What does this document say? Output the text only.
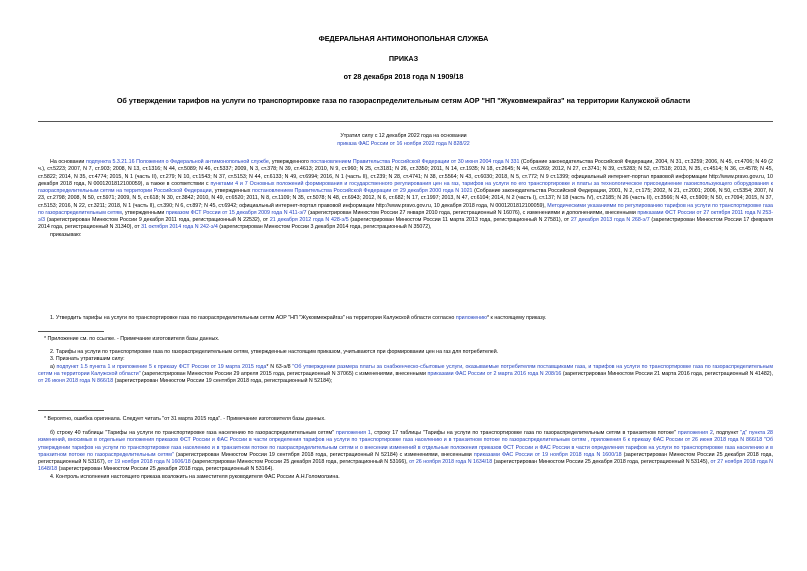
ФЕДЕРАЛЬНАЯ АНТИМОНОПОЛЬНАЯ СЛУЖБА
ПРИКАЗ
от 28 декабря 2018 года N 1909/18
Об утверждении тарифов на услуги по транспортировке газа по газораспределительным сетям АОР "НП "Жуковмежрайгаз" на территории Калужской области
Утратил силу с 12 декабря 2022 года на основании
приказа ФАС России от 16 ноября 2022 года N 828/22

На основании подпункта 5.3.21.16 Положения о Федеральной антимонопольной службе, утвержденного постановлением Правительства Российской Федерации от 30 июня 2004 года N 331 (Собрание законодательства Российской Федерации, 2004, N 31, ст.3259; 2006, N 45, ст.4706; N 49 (2 ч.), ст.5223; 2007, N 7, ст.903; 2008, N 13, ст.1316; N 44, ст.5089; N 46, ст.5337; 2009, N 3, ст.378; N 39, ст.4613; 2010, N 9, ст.960; N 25, ст.3181; N 26, ст.3350; 2011, N 14, ст.1935; N 18, ст.2645; N 44, ст.6269; 2012, N 27, ст.3741; N 39, ст.5283; N 52, ст.7518; 2013, N 35, ст.4514; N 36, ст.4578; N 45, ст.5822; 2014, N 35, ст.4774; 2015, N 1 (часть II), ст.279; N 10, ст.1543; N 37, ст.5153; N 44, ст.6133; N 49, ст.6994; 2016, N 1 (часть II), ст.239; N 28, ст.4741; N 38, ст.5564; N 43, ст.6030; 2018, N 5, ст.772; N 9 ст.1399; официальный интернет-портал правовой информации http://www.pravo.gov.ru, 10 декабря 2018 года, N 0001201812100059), а также в соответствии с пунктами 4 и 7 Основных положений формирования и государственного регулирования цен на газ, тарифов на услуги по его транспортировке и платы за технологическое присоединение газоиспользующего оборудования к газораспределительным сетям на территории Российской Федерации, утвержденных постановлением Правительства Российской Федерации от 29 декабря 2000 года N 1021 (Собрание законодательства Российской Федерации, 2001, N 2, ст.175; 2002, N 21, ст.2001; 2006, N 50, ст.5354; 2007, N 23, ст.2798; 2008, N 50, ст.5971; 2009, N 5, ст.618; N 30, ст.3842; 2010, N 49, ст.6520; 2011, N 8, ст.1109; N 35, ст.5078; N 48, ст.6943; 2012, N 6, ст.682; N 17, ст.1997; 2013, N 47, ст.6104; 2014, N 2 (часть I), ст.137; N 18 (часть IV), ст.2185; N 26 (часть II), ст.3566; N 43, ст.5909; N 50, ст.7094; 2015, N 37, ст.5153; 2016, N 22, ст.3211; 2018, N 1 (часть II), ст.390; N 6, ст.897; N 45, ст.6942; официальный интернет-портал правовой информации http://www.pravo.gov.ru, 10 декабря 2018 года, N 0001201812100059), Методическими указаниями по регулированию тарифов на услуги по транспортировке газа по газораспределительным сетям, утвержденными приказом ФСТ России от 15 декабря 2009 года N 411-э/7 (зарегистрирован Минюстом России 27 января 2010 года, регистрационный N 16076), с изменениями и дополнениями, внесенными приказами ФСТ России от 27 октября 2011 года N 253-э/3 (зарегистрирован Минюстом России 9 декабря 2011 года, регистрационный N 22532), от 21 декабря 2012 года N 428-э/5 (зарегистрирован Минюстом России 11 марта 2013 года, регистрационный N 27581), от 27 декабря 2013 года N 268-э/7 (зарегистрирован Минюстом России 17 февраля 2014 года, регистрационный N 31340), от 31 октября 2014 года N 242-э/4 (зарегистрирован Минюстом России 3 декабря 2014 года, регистрационный N 35072),

приказываю:

1. Утвердить тарифы на услуги по транспортировке газа по газораспределительным сетям АОР "НП "Жуковмежрайгаз" на территории Калужской области согласно приложению* к настоящему приказу.

* Приложение см. по ссылке. - Примечание изготовителя базы данных.

2. Тарифы на услуги по транспортировке газа по газораспределительным сетям, утвержденные настоящим приказом, учитываются при формировании цен на газ для потребителей.

3. Признать утратившим силу:

а) подпункт 1.5 пункта 1 и приложение 5 к приказу ФСТ России от 19 марта 2015 года* N 63-э/8 "Об утверждении размера платы за снабженческо-сбытовые услуги, оказываемые потребителям поставщиками газа, и тарифов на услуги по транспортировке газа по газораспределительным сетям на территории Калужской области" (зарегистрирован Минюстом России 29 апреля 2015 года, регистрационный N 37065) с изменениями, внесенными приказами ФАС России от 2 марта 2016 года N 208/16 (зарегистрирован Минюстом России 21 марта 2016 года, регистрационный N 41482), от 26 июня 2018 года N 866/18 (зарегистрирован Минюстом России 19 сентября 2018 года, регистрационный N 52184);

* Вероятно, ошибка оригинала. Следует читать "от 31 марта 2015 года". - Примечание изготовителя базы данных.

б) строку 40 таблицы "Тарифы на услуги по транспортировке газа населению по газораспределительным сетям" приложения 1, строку 17 таблицы "Тарифы на услуги по транспортировке газа по газораспределительным сетям в транзитном потоке" приложения 2, подпункт "д" пункта 28 изменений, вносимых в отдельные положения приказов ФСТ России и ФАС России в части определения тарифов на услуги по транспортировке газа населению и в транзитном потоке по газораспределительным сетям , приложения 6 к приказу ФАС России от 26 июня 2018 года N 866/18 "Об утверждении тарифов на услуги по транспортировке газа населению и в транзитном потоке по газораспределительным сетям и о внесении изменений в отдельные положения приказов ФСТ России и ФАС России в части определения тарифов на услуги по транспортировке газа населению и в транзитном потоке по газораспределительным сетям" (зарегистрирован Минюстом России 19 сентября 2018 года, регистрационный N 52184) с изменениями, внесенными приказами ФАС России от 19 ноября 2018 года N 1600/18 (зарегистрирован Минюстом России 25 декабря 2018 года, регистрационный N 53167), от 19 ноября 2018 года N 1606/18 (зарегистрирован Минюстом России 25 декабря 2018 года, регистрационный N 53166), от 26 ноября 2018 года N 1634/18 (зарегистрирован Минюстом России 25 декабря 2018 года, регистрационный N 53145), от 27 ноября 2018 года N 1648/18 (зарегистрирован Минюстом России 25 декабря 2018 года, регистрационный N 53164).

4. Контроль исполнения настоящего приказа возложить на заместителя руководителя ФАС России А.Н.Голомолзина.
